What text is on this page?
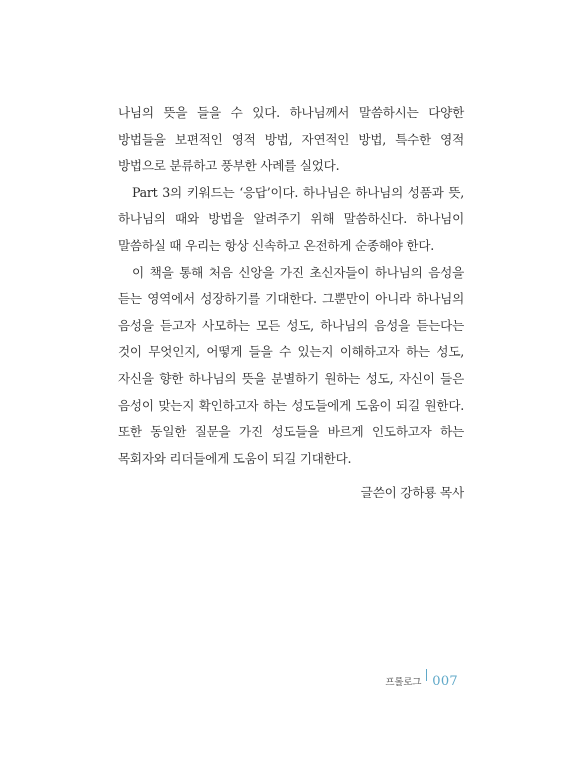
나님의 뜻을 들을 수 있다. 하나님께서 말씀하시는 다양한 방법들을 보편적인 영적 방법, 자연적인 방법, 특수한 영적 방법으로 분류하고 풍부한 사례를 실었다.

Part 3의 키워드는 ‘응답’이다. 하나님은 하나님의 성품과 뜻, 하나님의 때와 방법을 알려주기 위해 말씀하신다. 하나님이 말씀하실 때 우리는 항상 신속하고 온전하게 순종해야 한다.

이 책을 통해 처음 신앙을 가진 초신자들이 하나님의 음성을 듣는 영역에서 성장하기를 기대한다. 그뿐만이 아니라 하나님의 음성을 듣고자 사모하는 모든 성도, 하나님의 음성을 듣는다는 것이 무엇인지, 어떻게 들을 수 있는지 이해하고자 하는 성도, 자신을 향한 하나님의 뜻을 분별하기 원하는 성도, 자신이 들은 음성이 맞는지 확인하고자 하는 성도들에게 도움이 되길 원한다. 또한 동일한 질문을 가진 성도들을 바르게 인도하고자 하는 목회자와 리더들에게 도움이 되길 기대한다.

글쓴이 강하룡 목사
프롤로그 007
